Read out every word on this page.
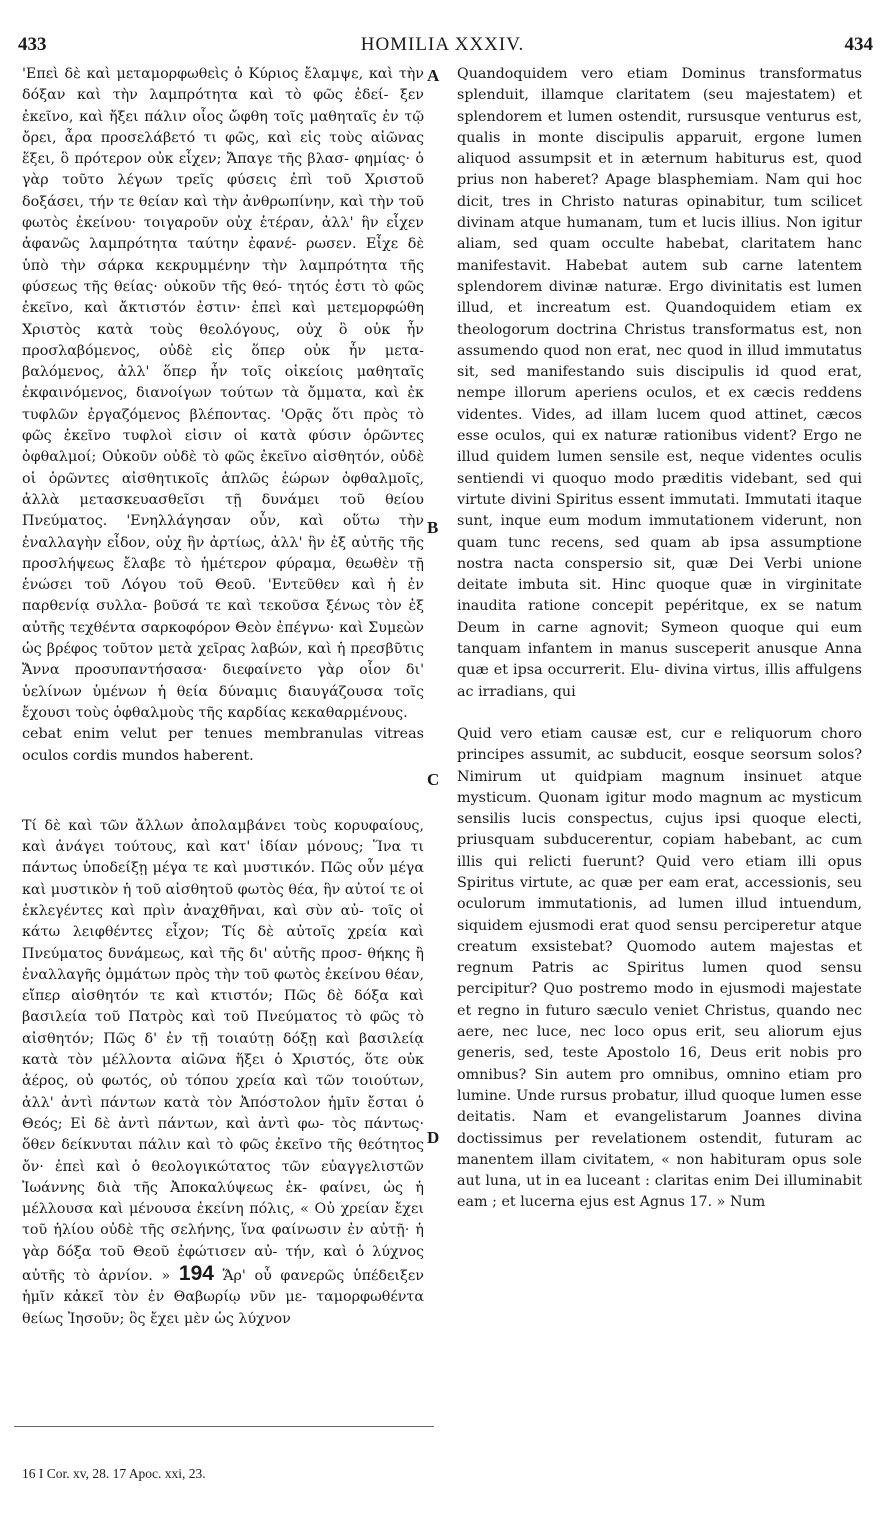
433	HOMILIA XXXIV.	434

'Επεὶ δὲ καὶ μεταμορφωθεὶς ὁ Κύριος ἔλαμψε, καὶ τὴν δόξαν καὶ τὴν λαμπρότητα καὶ τὸ φῶς ἐδεί- ξεν ἐκεῖνο, καὶ ἤξει πάλιν οἷος ὤφθη τοῖς μαθηταῖς ἐν τῷ ὄρει, ἆρα προσελάβετό τι φῶς, καὶ εἰς τοὺς αἰῶνας ἕξει, ὃ πρότερον οὐκ εἶχεν; Ἄπαγε τῆς βλασ- φημίας· ὁ γὰρ τοῦτο λέγων τρεῖς φύσεις ἐπὶ τοῦ Χριστοῦ δοξάσει, τήν τε θείαν καὶ τὴν ἀνθρωπίνην, καὶ τὴν τοῦ φωτὸς ἐκείνου· τοιγαροῦν οὐχ ἑτέραν, ἀλλ' ἣν εἶχεν ἀφανῶς λαμπρότητα ταύτην ἐφανέ- ρωσεν. Εἶχε δὲ ὑπὸ τὴν σάρκα κεκρυμμένην τὴν λαμπρότητα τῆς φύσεως τῆς θείας· οὐκοῦν τῆς θεό- τητός ἐστι τὸ φῶς ἐκεῖνο, καὶ ἄκτιστόν ἐστιν· ἐπεὶ καὶ μετεμορφώθη Χριστὸς κατὰ τοὺς θεολόγους, οὐχ ὃ οὐκ ἦν προσλαβόμενος, οὐδὲ εἰς ὅπερ οὐκ ἦν μετα- βαλόμενος, ἀλλ' ὅπερ ἦν τοῖς οἰκείοις μαθηταῖς ἐκφαινόμενος, διανοίγων τούτων τὰ ὄμματα, καὶ ἐκ τυφλῶν ἐργαζόμενος βλέποντας. 'Ορᾷς ὅτι πρὸς τὸ φῶς ἐκεῖνο τυφλοὶ εἰσιν οἱ κατὰ φύσιν ὁρῶντες ὀφθαλμοί; Οὐκοῦν οὐδὲ τὸ φῶς ἐκεῖνο αἰσθητόν, οὐδὲ οἱ ὁρῶντες αἰσθητικοῖς ἁπλῶς ἑώρων ὀφθαλμοῖς, ἀλλὰ μετασκευασθεῖσι τῇ δυνάμει τοῦ θείου Πνεύματος. 'Ενηλλάγησαν οὖν, καὶ οὕτω τὴν ἐναλλαγὴν εἶδον, οὐχ ἣν ἀρτίως, ἀλλ' ἣν ἐξ αὐτῆς τῆς προσλήψεως ἔλαβε τὸ ἡμέτερον φύραμα, θεωθὲν τῇ ἑνώσει τοῦ Λόγου τοῦ Θεοῦ. 'Εντεῦθεν καὶ ἡ ἐν παρθενίᾳ συλλα- βοῦσά τε καὶ τεκοῦσα ξένως τὸν ἐξ αὐτῆς τεχθέντα σαρκοφόρον Θεὸν ἐπέγνω· καὶ Συμεὼν ὡς βρέφος τοῦτον μετὰ χεῖρας λαβών, καὶ ἡ πρεσβῦτις Ἄννα προσυπαντήσασα· διεφαίνετο γὰρ οἷον δι' ὑελίνων ὑμένων ἡ θεία δύναμις διαυγάζουσα τοῖς ἔχουσι τοὺς ὀφθαλμοὺς τῆς καρδίας κεκαθαρμένους.

cebat enim velut per tenues membranulas vitreas oculos cordis mundos haberent.

Τί δὲ καὶ τῶν ἄλλων ἀπολαμβάνει τοὺς κορυφαίους, καὶ ἀνάγει τούτους, καὶ κατ' ἰδίαν μόνους; Ἵνα τι πάντως ὑποδείξῃ μέγα τε καὶ μυστικόν. Πῶς οὖν μέγα καὶ μυστικὸν ἡ τοῦ αἰσθητοῦ φωτὸς θέα, ἣν αὐτοί τε οἱ ἐκλεγέντες καὶ πρὶν ἀναχθῆναι, καὶ σὺν αὐ- τοῖς οἱ κάτω λειφθέντες εἶχον; Τίς δὲ αὐτοῖς χρεία καὶ Πνεύματος δυνάμεως, καὶ τῆς δι' αὐτῆς προσ- θήκης ἢ ἐναλλαγῆς ὀμμάτων πρὸς τὴν τοῦ φωτὸς ἐκείνου θέαν, εἴπερ αἰσθητόν τε καὶ κτιστόν; Πῶς δὲ δόξα καὶ βασιλεία τοῦ Πατρὸς καὶ τοῦ Πνεύματος τὸ φῶς τὸ αἰσθητόν; Πῶς δ' ἐν τῇ τοιαύτῃ δόξῃ καὶ βασιλείᾳ κατὰ τὸν μέλλοντα αἰῶνα ἥξει ὁ Χριστός, ὅτε οὐκ ἀέρος, οὐ φωτός, οὐ τόπου χρεία καὶ τῶν τοιούτων, ἀλλ' ἀντὶ πάντων κατὰ τὸν Ἀπόστολον ἡμῖν ἔσται ὁ Θεός; Εἰ δὲ ἀντὶ πάντων, καὶ ἀντὶ φω- τὸς πάντως· ὅθεν δείκνυται πάλιν καὶ τὸ φῶς ἐκεῖνο τῆς θεότητος ὄν· ἐπεὶ καὶ ὁ θεολογικώτατος τῶν εὐαγγελιστῶν Ἰωάννης διὰ τῆς Ἀποκαλύψεως ἐκ- φαίνει, ὡς ἡ μέλλουσα καὶ μένουσα ἐκείνη πόλις, « Οὐ χρείαν ἔχει τοῦ ἡλίου οὐδὲ τῆς σελήνης, ἵνα φαίνωσιν ἐν αὐτῇ· ἡ γὰρ δόξα τοῦ Θεοῦ ἐφώτισεν αὐ- τήν, καὶ ὁ λύχνος αὐτῆς τὸ ἀρνίον. » 194 Ἅρ' οὖ φανερῶς ὑπέδειξεν ἡμῖν κἀκεῖ τὸν ἐν Θαβωρίῳ νῦν με- ταμορφωθέντα θείως Ἰησοῦν; ὃς ἔχει μὲν ὡς λύχνον

A
B
C
D

Quandoquidem vero etiam Dominus transformatus splenduit, illamque claritatem (seu majestatem) et splendorem et lumen ostendit, rursusque venturus est, qualis in monte discipulis apparuit, ergone lumen aliquod assumpsit et in æternum habiturus est, quod prius non haberet? Apage blasphemiam. Nam qui hoc dicit, tres in Christo naturas opinabitur, tum scilicet divinam atque humanam, tum et lucis illius. Non igitur aliam, sed quam occulte habebat, claritatem hanc manifestavit. Habebat autem sub carne latentem splendorem divinæ naturæ. Ergo divinitatis est lumen illud, et increatum est. Quandoquidem etiam ex theologorum doctrina Christus transformatus est, non assumendo quod non erat, nec quod in illud immutatus sit, sed manifestando suis discipulis id quod erat, nempe illorum aperiens oculos, et ex cæcis reddens videntes. Vides, ad illam lucem quod attinet, cæcos esse oculos, qui ex naturæ rationibus vident? Ergo ne illud quidem lumen sensile est, neque videntes oculis sentiendi vi quoquo modo præditis videbant, sed qui virtute divini Spiritus essent immutati. Immutati itaque sunt, inque eum modum immutationem viderunt, non quam tunc recens, sed quam ab ipsa assumptione nostra nacta conspersio sit, quæ Dei Verbi unione deitate imbuta sit. Hinc quoque quæ in virginitate inaudita ratione concepit pepéritque, ex se natum Deum in carne agnovit; Symeon quoque qui eum tanquam infantem in manus susceperit anusque Anna quæ et ipsa occurrerit. Elu- divina virtus, illis affulgens ac irradians, qui

Quid vero etiam causæ est, cur e reliquorum choro principes assumit, ac subducit, eosque seorsum solos? Nimirum ut quidpiam magnum insinuet atque mysticum. Quonam igitur modo magnum ac mysticum sensilis lucis conspectus, cujus ipsi quoque electi, priusquam subducerentur, copiam habebant, ac cum illis qui relicti fuerunt? Quid vero etiam illi opus Spiritus virtute, ac quæ per eam erat, accessionis, seu oculorum immutationis, ad lumen illud intuendum, siquidem ejusmodi erat quod sensu perciperetur atque creatum exsistebat? Quomodo autem majestas et regnum Patris ac Spiritus lumen quod sensu percipitur? Quo postremo modo in ejusmodi majestate et regno in futuro sæculo veniet Christus, quando nec aere, nec luce, nec loco opus erit, seu aliorum ejus generis, sed, teste Apostolo 16, Deus erit nobis pro omnibus? Sin autem pro omnibus, omnino etiam pro lumine. Unde rursus probatur, illud quoque lumen esse deitatis. Nam et evangelistarum Joannes divina doctissimus per revelationem ostendit, futuram ac manentem illam civitatem, « non habituram opus sole aut luna, ut in ea luceant : claritas enim Dei illuminabit eam ; et lucerna ejus est Agnus 17. » Num

16 I Cor. xv, 28. 17 Apoc. xxi, 23.
